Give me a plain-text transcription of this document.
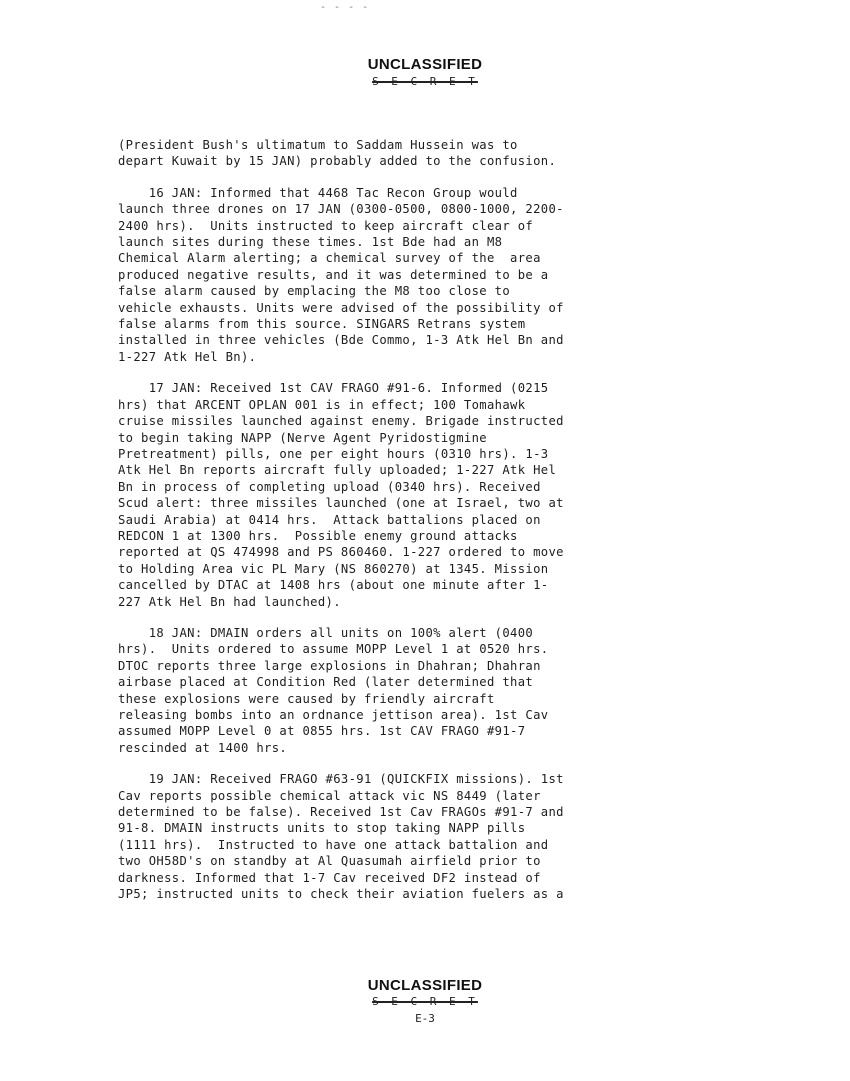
- - - -
UNCLASSIFIED
S E C R E T

(President Bush's ultimatum to Saddam Hussein was to
depart Kuwait by 15 JAN) probably added to the confusion.

16 JAN: Informed that 4468 Tac Recon Group would
launch three drones on 17 JAN (0300-0500, 0800-1000, 2200-
2400 hrs).  Units instructed to keep aircraft clear of
launch sites during these times. 1st Bde had an M8
Chemical Alarm alerting; a chemical survey of the  area
produced negative results, and it was determined to be a
false alarm caused by emplacing the M8 too close to
vehicle exhausts. Units were advised of the possibility of
false alarms from this source. SINGARS Retrans system
installed in three vehicles (Bde Commo, 1-3 Atk Hel Bn and
1-227 Atk Hel Bn).

17 JAN: Received 1st CAV FRAGO #91-6. Informed (0215
hrs) that ARCENT OPLAN 001 is in effect; 100 Tomahawk
cruise missiles launched against enemy. Brigade instructed
to begin taking NAPP (Nerve Agent Pyridostigmine
Pretreatment) pills, one per eight hours (0310 hrs). 1-3
Atk Hel Bn reports aircraft fully uploaded; 1-227 Atk Hel
Bn in process of completing upload (0340 hrs). Received
Scud alert: three missiles launched (one at Israel, two at
Saudi Arabia) at 0414 hrs.  Attack battalions placed on
REDCON 1 at 1300 hrs.  Possible enemy ground attacks
reported at QS 474998 and PS 860460. 1-227 ordered to move
to Holding Area vic PL Mary (NS 860270) at 1345. Mission
cancelled by DTAC at 1408 hrs (about one minute after 1-
227 Atk Hel Bn had launched).

18 JAN: DMAIN orders all units on 100% alert (0400
hrs).  Units ordered to assume MOPP Level 1 at 0520 hrs.
DTOC reports three large explosions in Dhahran; Dhahran
airbase placed at Condition Red (later determined that
these explosions were caused by friendly aircraft
releasing bombs into an ordnance jettison area). 1st Cav
assumed MOPP Level 0 at 0855 hrs. 1st CAV FRAGO #91-7
rescinded at 1400 hrs.

19 JAN: Received FRAGO #63-91 (QUICKFIX missions). 1st
Cav reports possible chemical attack vic NS 8449 (later
determined to be false). Received 1st Cav FRAGOs #91-7 and
91-8. DMAIN instructs units to stop taking NAPP pills
(1111 hrs).  Instructed to have one attack battalion and
two OH58D's on standby at Al Quasumah airfield prior to
darkness. Informed that 1-7 Cav received DF2 instead of
JP5; instructed units to check their aviation fuelers as a

UNCLASSIFIED
S E C R E T
E-3
